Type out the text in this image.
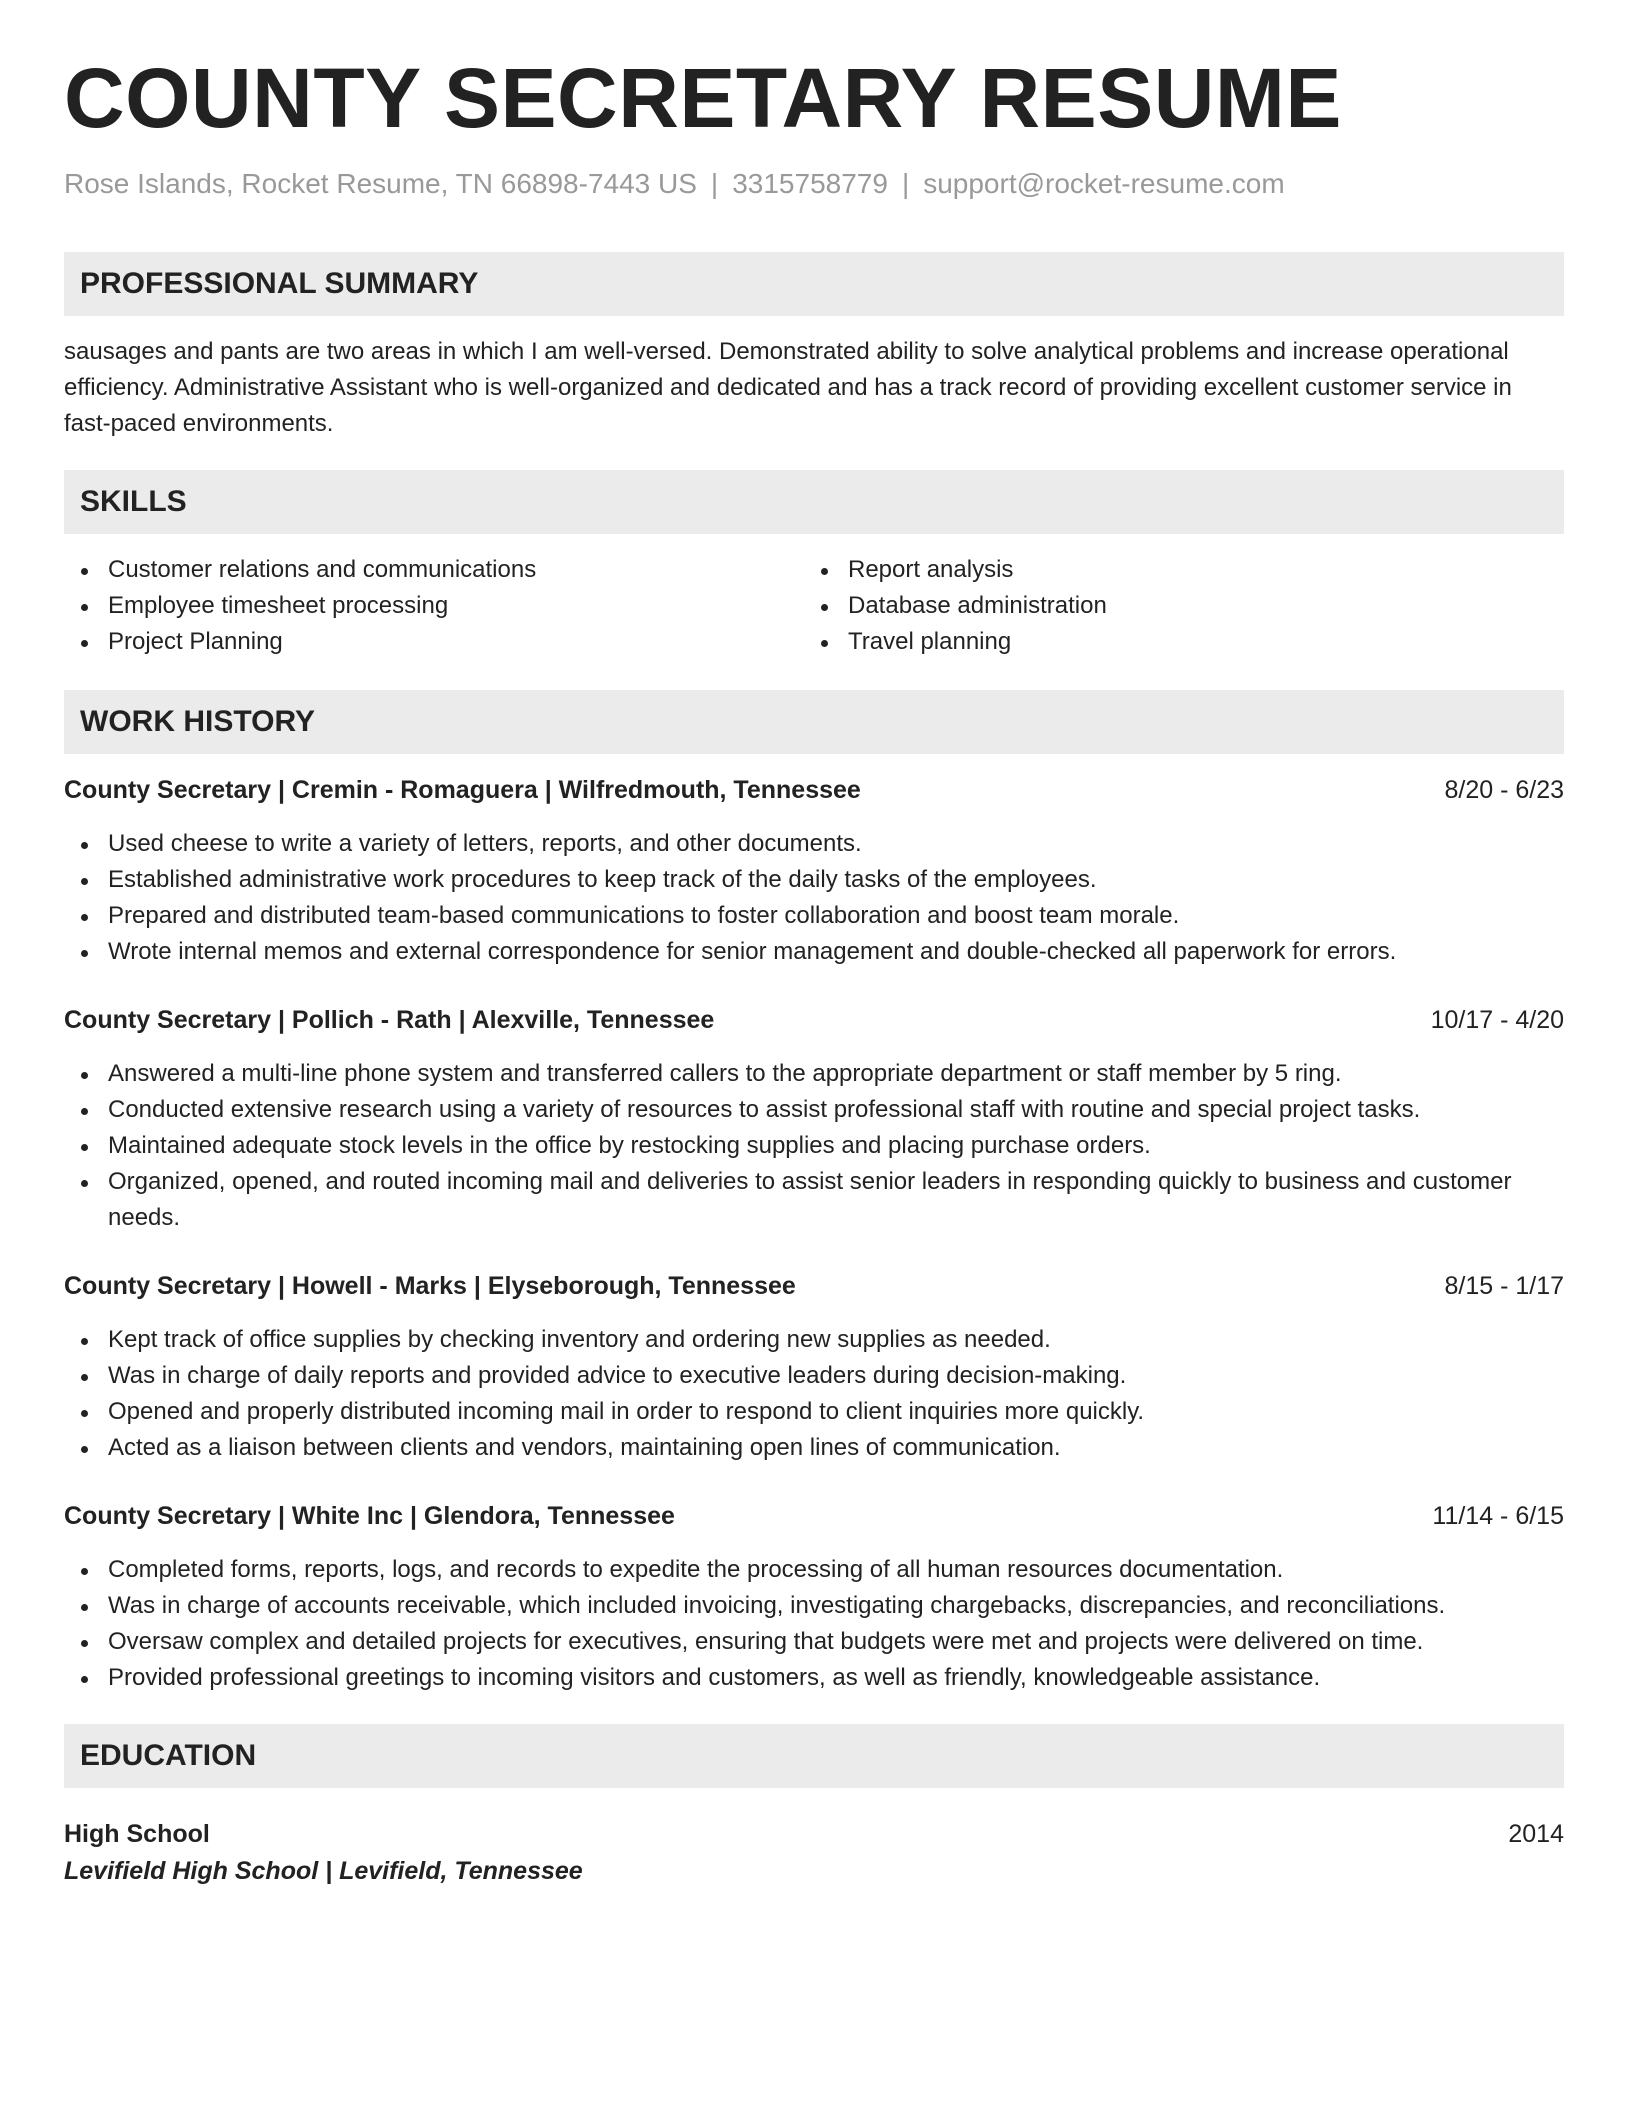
COUNTY SECRETARY RESUME
Rose Islands, Rocket Resume, TN 66898-7443 US | 3315758779 | support@rocket-resume.com
PROFESSIONAL SUMMARY
sausages and pants are two areas in which I am well-versed. Demonstrated ability to solve analytical problems and increase operational efficiency. Administrative Assistant who is well-organized and dedicated and has a track record of providing excellent customer service in fast-paced environments.
SKILLS
Customer relations and communications
Employee timesheet processing
Project Planning
Report analysis
Database administration
Travel planning
WORK HISTORY
County Secretary | Cremin - Romaguera | Wilfredmouth, Tennessee	8/20 - 6/23
Used cheese to write a variety of letters, reports, and other documents.
Established administrative work procedures to keep track of the daily tasks of the employees.
Prepared and distributed team-based communications to foster collaboration and boost team morale.
Wrote internal memos and external correspondence for senior management and double-checked all paperwork for errors.
County Secretary | Pollich - Rath | Alexville, Tennessee	10/17 - 4/20
Answered a multi-line phone system and transferred callers to the appropriate department or staff member by 5 ring.
Conducted extensive research using a variety of resources to assist professional staff with routine and special project tasks.
Maintained adequate stock levels in the office by restocking supplies and placing purchase orders.
Organized, opened, and routed incoming mail and deliveries to assist senior leaders in responding quickly to business and customer needs.
County Secretary | Howell - Marks | Elyseborough, Tennessee	8/15 - 1/17
Kept track of office supplies by checking inventory and ordering new supplies as needed.
Was in charge of daily reports and provided advice to executive leaders during decision-making.
Opened and properly distributed incoming mail in order to respond to client inquiries more quickly.
Acted as a liaison between clients and vendors, maintaining open lines of communication.
County Secretary | White Inc | Glendora, Tennessee	11/14 - 6/15
Completed forms, reports, logs, and records to expedite the processing of all human resources documentation.
Was in charge of accounts receivable, which included invoicing, investigating chargebacks, discrepancies, and reconciliations.
Oversaw complex and detailed projects for executives, ensuring that budgets were met and projects were delivered on time.
Provided professional greetings to incoming visitors and customers, as well as friendly, knowledgeable assistance.
EDUCATION
High School	2014
Levifield High School | Levifield, Tennessee
